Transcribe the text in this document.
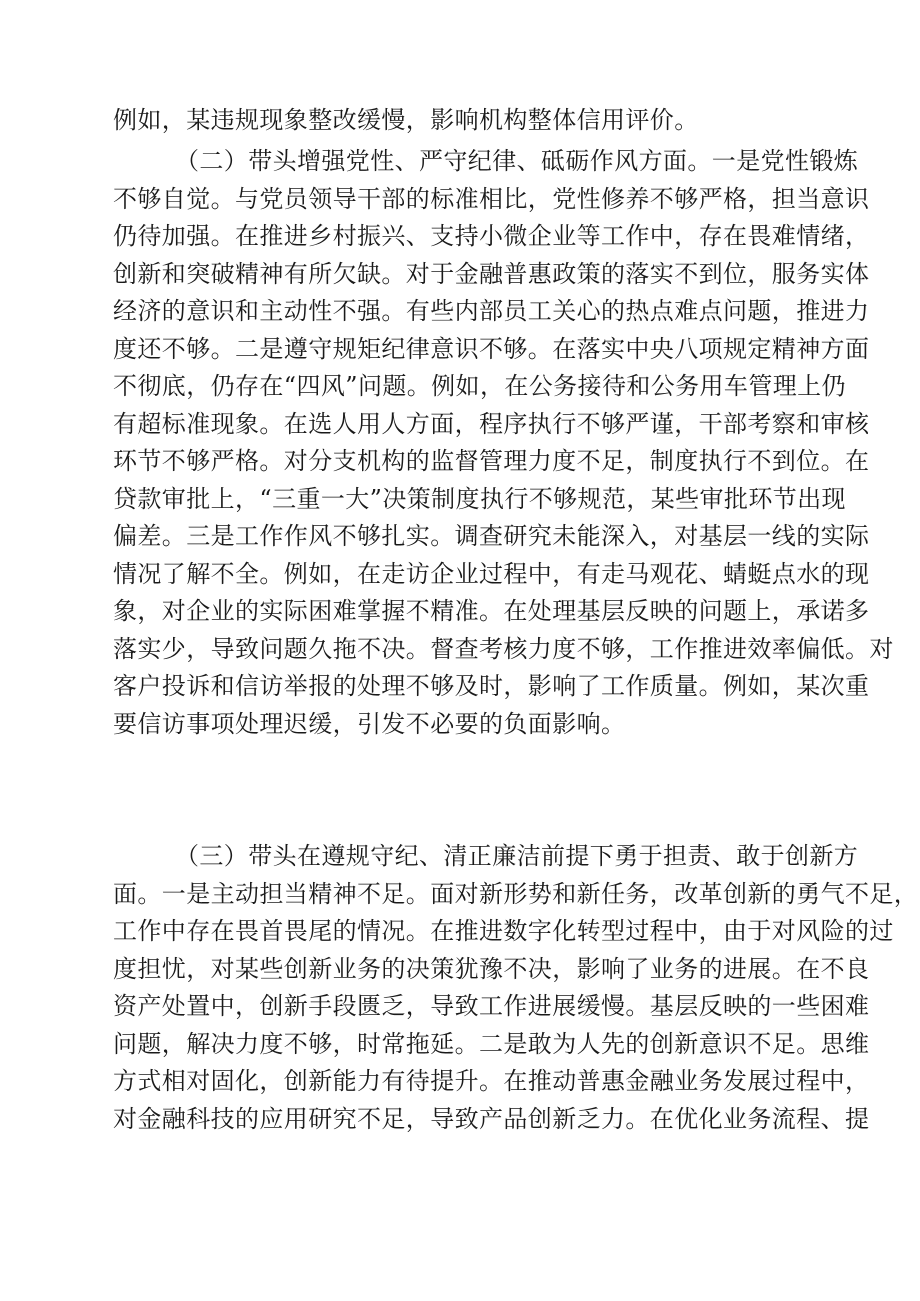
例如，某违规现象整改缓慢，影响机构整体信用评价。
（二）带头增强党性、严守纪律、砥砺作风方面。一是党性锻炼
不够自觉。与党员领导干部的标准相比，党性修养不够严格，担当意识
仍待加强。在推进乡村振兴、支持小微企业等工作中，存在畏难情绪，
创新和突破精神有所欠缺。对于金融普惠政策的落实不到位，服务实体
经济的意识和主动性不强。有些内部员工关心的热点难点问题，推进力
度还不够。二是遵守规矩纪律意识不够。在落实中央八项规定精神方面
不彻底，仍存在“四风”问题。例如，在公务接待和公务用车管理上仍
有超标准现象。在选人用人方面，程序执行不够严谨，干部考察和审核
环节不够严格。对分支机构的监督管理力度不足，制度执行不到位。在
贷款审批上，“三重一大”决策制度执行不够规范，某些审批环节出现
偏差。三是工作作风不够扎实。调查研究未能深入，对基层一线的实际
情况了解不全。例如，在走访企业过程中，有走马观花、蜻蜓点水的现
象，对企业的实际困难掌握不精准。在处理基层反映的问题上，承诺多
落实少，导致问题久拖不决。督查考核力度不够，工作推进效率偏低。对
客户投诉和信访举报的处理不够及时，影响了工作质量。例如，某次重
要信访事项处理迟缓，引发不必要的负面影响。
（三）带头在遵规守纪、清正廉洁前提下勇于担责、敢于创新方
面。一是主动担当精神不足。面对新形势和新任务，改革创新的勇气不足，
工作中存在畏首畏尾的情况。在推进数字化转型过程中，由于对风险的过
度担忧，对某些创新业务的决策犹豫不决，影响了业务的进展。在不良
资产处置中，创新手段匮乏，导致工作进展缓慢。基层反映的一些困难
问题，解决力度不够，时常拖延。二是敢为人先的创新意识不足。思维
方式相对固化，创新能力有待提升。在推动普惠金融业务发展过程中，
对金融科技的应用研究不足，导致产品创新乏力。在优化业务流程、提
